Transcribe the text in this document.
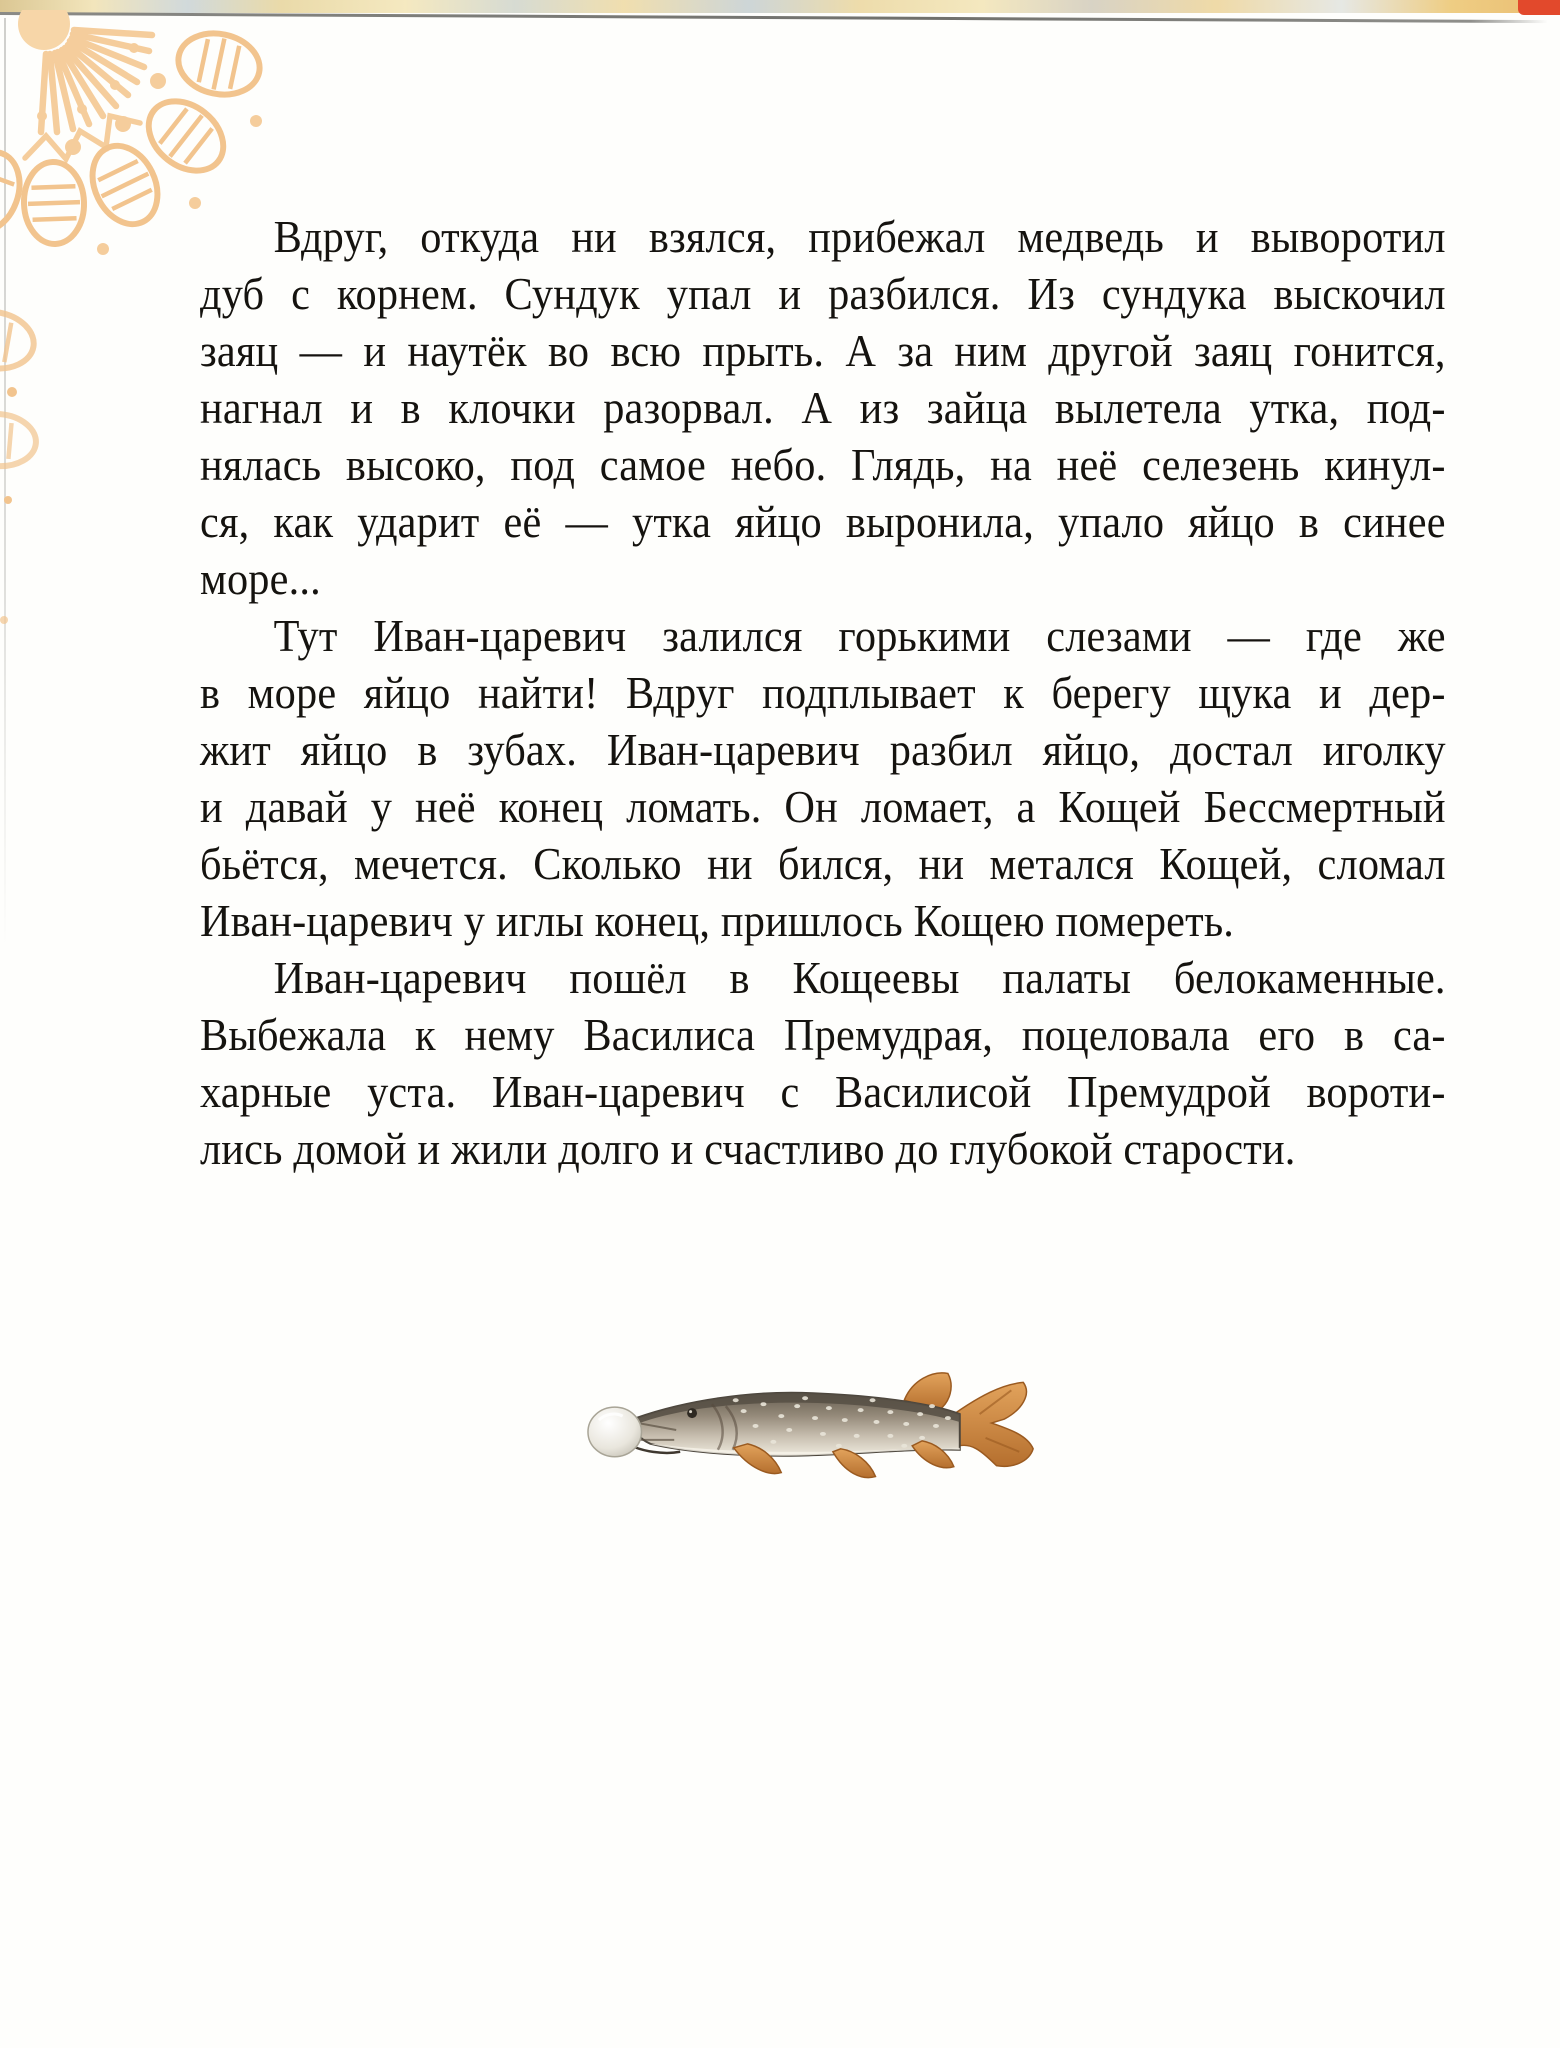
Вдруг, откуда ни взялся, прибежал медведь и выворотил
дуб с корнем. Сундук упал и разбился. Из сундука выскочил
заяц — и наутёк во всю прыть. А за ним другой заяц гонится,
нагнал и в клочки разорвал. А из зайца вылетела утка, под-
нялась высоко, под самое небо. Глядь, на неё селезень кинул-
ся, как ударит её — утка яйцо выронила, упало яйцо в синее
море...
Тут Иван-царевич залился горькими слезами — где же
в море яйцо найти! Вдруг подплывает к берегу щука и дер-
жит яйцо в зубах. Иван-царевич разбил яйцо, достал иголку
и давай у неё конец ломать. Он ломает, а Кощей Бессмертный
бьётся, мечется. Сколько ни бился, ни метался Кощей, сломал
Иван-царевич у иглы конец, пришлось Кощею помереть.
Иван-царевич пошёл в Кощеевы палаты белокаменные.
Выбежала к нему Василиса Премудрая, поцеловала его в са-
харные уста. Иван-царевич с Василисой Премудрой вороти-
лись домой и жили долго и счастливо до глубокой старости.
